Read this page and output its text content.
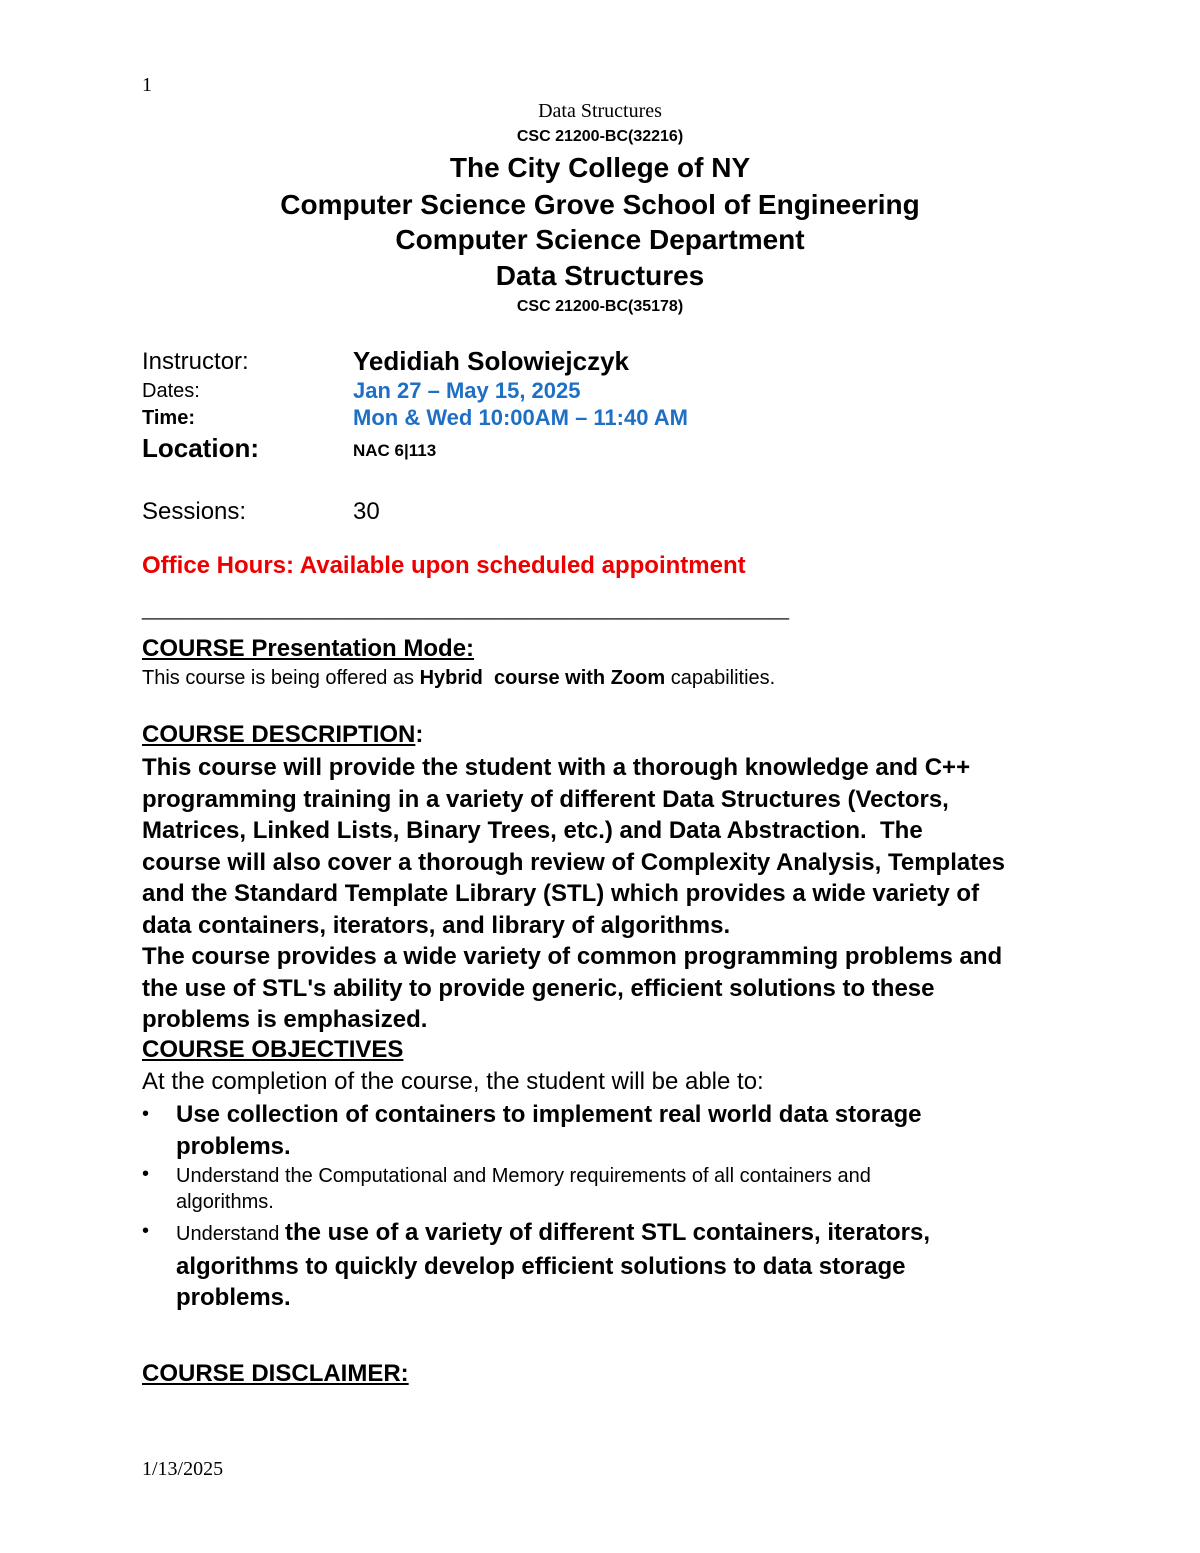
1
Data Structures
CSC 21200-BC(32216)
The City College of NY
Computer Science Grove School of Engineering
Computer Science Department
Data Structures
CSC 21200-BC(35178)
Instructor:	Yedidiah Solowiejczyk
Dates:	Jan 27 – May 15, 2025
Time:	Mon & Wed 10:00AM – 11:40 AM
Location:	NAC 6|113
Sessions:	30
Office Hours: Available upon scheduled appointment
________________________________________________________________
COURSE Presentation Mode:
This course is being offered as Hybrid  course with Zoom capabilities.
COURSE DESCRIPTION:
This course will provide the student with a thorough knowledge and C++
programming training in a variety of different Data Structures (Vectors,
Matrices, Linked Lists, Binary Trees, etc.) and Data Abstraction.  The
course will also cover a thorough review of Complexity Analysis, Templates
and the Standard Template Library (STL) which provides a wide variety of
data containers, iterators, and library of algorithms.
The course provides a wide variety of common programming problems and
the use of STL's ability to provide generic, efficient solutions to these
problems is emphasized.
COURSE OBJECTIVES
At the completion of the course, the student will be able to:
• Use collection of containers to implement real world data storage
problems.
• Understand the Computational and Memory requirements of all containers and
algorithms.
• Understand the use of a variety of different STL containers, iterators,
algorithms to quickly develop efficient solutions to data storage
problems.
COURSE DISCLAIMER:
1/13/2025
